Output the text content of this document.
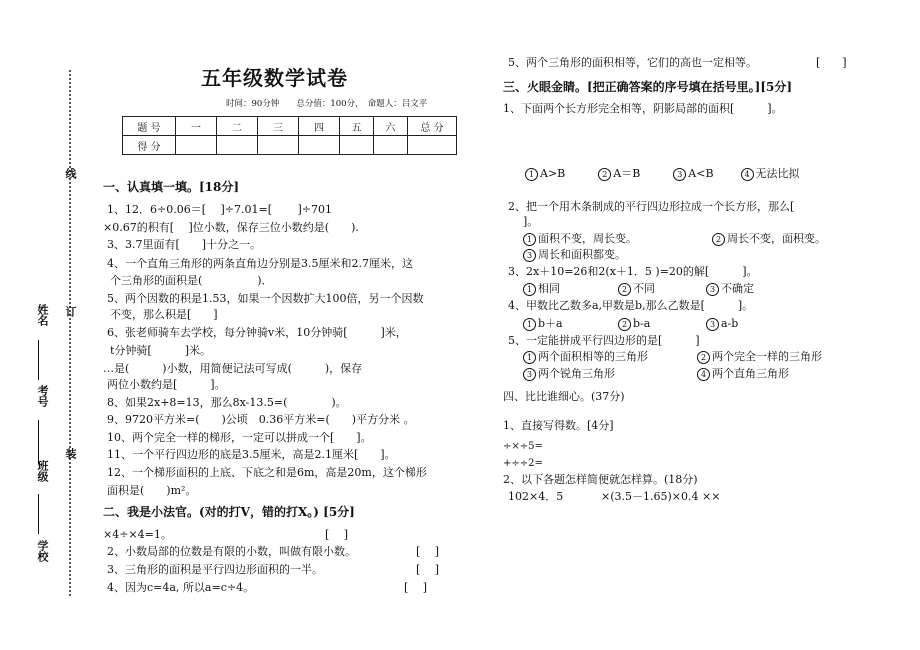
线
订
装
姓名
考号
班级
学校
五年级数学试卷
时间：90分钟　　总分值：100分，　命题人：吕文平
题 号	一	二	三	四	五	六	总 分
得 分							
一、认真填一填。[18分]
1、12．6÷0.06＝[　 ]÷7.01=[　　 ]÷701
×0.67的积有[　 ]位小数，保存三位小数约是(　　).
3、3.7里面有[　　]十分之一。
4、一个直角三角形的两条直角边分别是3.5厘米和2.7厘米，这
个三角形的面积是(　　　　　)．
5、两个因数的积是1.53，如果一个因数扩大100倍，另一个因数
不变，那么积是[　　]
6、张老师骑车去学校，每分钟骑v米，10分钟骑[　　　]米，
t分钟骑[　　　]米。
…是(　　　)小数，用简便记法可写成(　　　)，保存
两位小数约是[　　　]。
8、如果2x+8=13，那么8x-13.5=(　　　　)。
9、9720平方米=(　　)公顷　0.36平方米=(　　)平方分米 。
10、两个完全一样的梯形，一定可以拼成一个[　　]。
11、一个平行四边形的底是3.5厘米，高是2.1厘米[　　]。
12、一个梯形面积的上底、下底之和是6m，高是20m，这个梯形
面积是(　　)m²。
二、我是小法官。(对的打V，错的打X。) [5分]
×4÷×4=1。	[　 ]
2、小数局部的位数是有限的小数，叫做有限小数。	[　 ]
3、三角形的面积是平行四边形面积的一半。	[　 ]
4、因为c=4a, 所以a=c÷4。	[　 ]
5、两个三角形的面积相等，它们的高也一定相等。	[　　]
三、火眼金睛。[把正确答案的序号填在括号里。][5分]
1、下面两个长方形完全相等，阴影局部的面积[　　　]。
1 A>B	2 A＝B	3 A<B	4 无法比拟
2、把一个用木条制成的平行四边形拉成一个长方形，那么[
]。
1 面积不变，周长变。	2 周长不变，面积变。
3 周长和面积都变。
3、2x＋10=26和2(x＋1．5 )=20的解[　　　]。
1 相同	2 不同	3 不确定
4、甲数比乙数多a,甲数是b,那么乙数是[　　　]。
1 b＋a	2 b-a	3 a-b
5、一定能拼成平行四边形的是[　　　]
1 两个面积相等的三角形	2 两个完全一样的三角形
3 两个锐角三角形	4 两个直角三角形
四、比比谁细心。(37分)
1、直接写得数。[4分]
÷×÷5=
+÷÷2=
2、以下各题怎样简便就怎样算。(18分)
102×4．5	×(3.5－1.65)×0.4 ××
